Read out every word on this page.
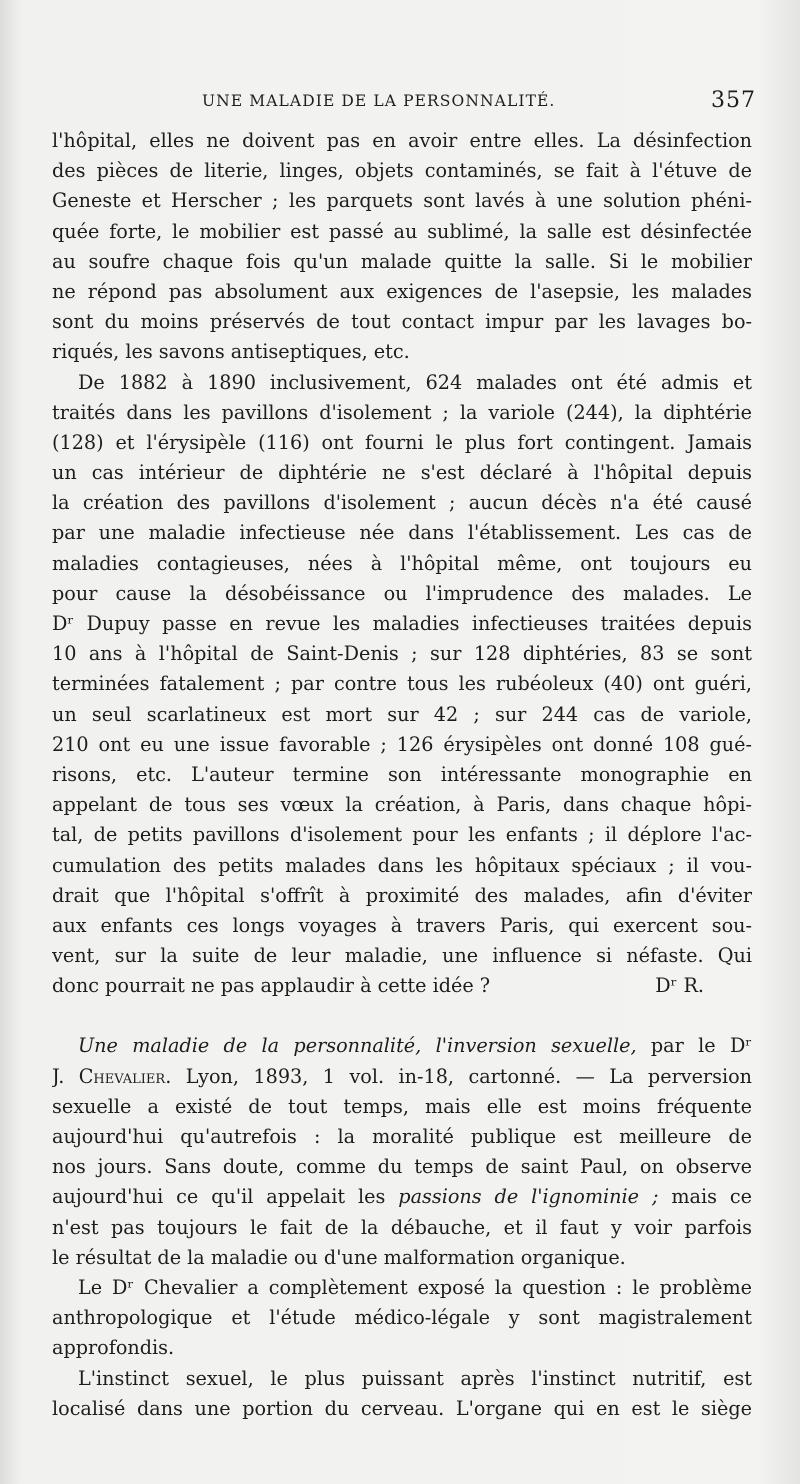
UNE MALADIE DE LA PERSONNALITÉ.	357
l'hôpital, elles ne doivent pas en avoir entre elles. La désinfection
des pièces de literie, linges, objets contaminés, se fait à l'étuve de
Geneste et Herscher ; les parquets sont lavés à une solution phéni-
quée forte, le mobilier est passé au sublimé, la salle est désinfectée
au soufre chaque fois qu'un malade quitte la salle. Si le mobilier
ne répond pas absolument aux exigences de l'asepsie, les malades
sont du moins préservés de tout contact impur par les lavages bo-
riqués, les savons antiseptiques, etc.
De 1882 à 1890 inclusivement, 624 malades ont été admis et
traités dans les pavillons d'isolement ; la variole (244), la diphtérie
(128) et l'érysipèle (116) ont fourni le plus fort contingent. Jamais
un cas intérieur de diphtérie ne s'est déclaré à l'hôpital depuis
la création des pavillons d'isolement ; aucun décès n'a été causé
par une maladie infectieuse née dans l'établissement. Les cas de
maladies contagieuses, nées à l'hôpital même, ont toujours eu
pour cause la désobéissance ou l'imprudence des malades. Le
Dʳ Dupuy passe en revue les maladies infectieuses traitées depuis
10 ans à l'hôpital de Saint-Denis ; sur 128 diphtéries, 83 se sont
terminées fatalement ; par contre tous les rubéoleux (40) ont guéri,
un seul scarlatineux est mort sur 42 ; sur 244 cas de variole,
210 ont eu une issue favorable ; 126 érysipèles ont donné 108 gué-
risons, etc. L'auteur termine son intéressante monographie en
appelant de tous ses vœux la création, à Paris, dans chaque hôpi-
tal, de petits pavillons d'isolement pour les enfants ; il déplore l'ac-
cumulation des petits malades dans les hôpitaux spéciaux ; il vou-
drait que l'hôpital s'offrît à proximité des malades, afin d'éviter
aux enfants ces longs voyages à travers Paris, qui exercent sou-
vent, sur la suite de leur maladie, une influence si néfaste. Qui
donc pourrait ne pas applaudir à cette idée ?	Dʳ R.
Une maladie de la personnalité, l'inversion sexuelle, par le Dʳ
J. Chevalier. Lyon, 1893, 1 vol. in-18, cartonné. — La perversion
sexuelle a existé de tout temps, mais elle est moins fréquente
aujourd'hui qu'autrefois : la moralité publique est meilleure de
nos jours. Sans doute, comme du temps de saint Paul, on observe
aujourd'hui ce qu'il appelait les passions de l'ignominie ; mais ce
n'est pas toujours le fait de la débauche, et il faut y voir parfois
le résultat de la maladie ou d'une malformation organique.
Le Dʳ Chevalier a complètement exposé la question : le problème
anthropologique et l'étude médico-légale y sont magistralement
approfondis.
L'instinct sexuel, le plus puissant après l'instinct nutritif, est
localisé dans une portion du cerveau. L'organe qui en est le siège
